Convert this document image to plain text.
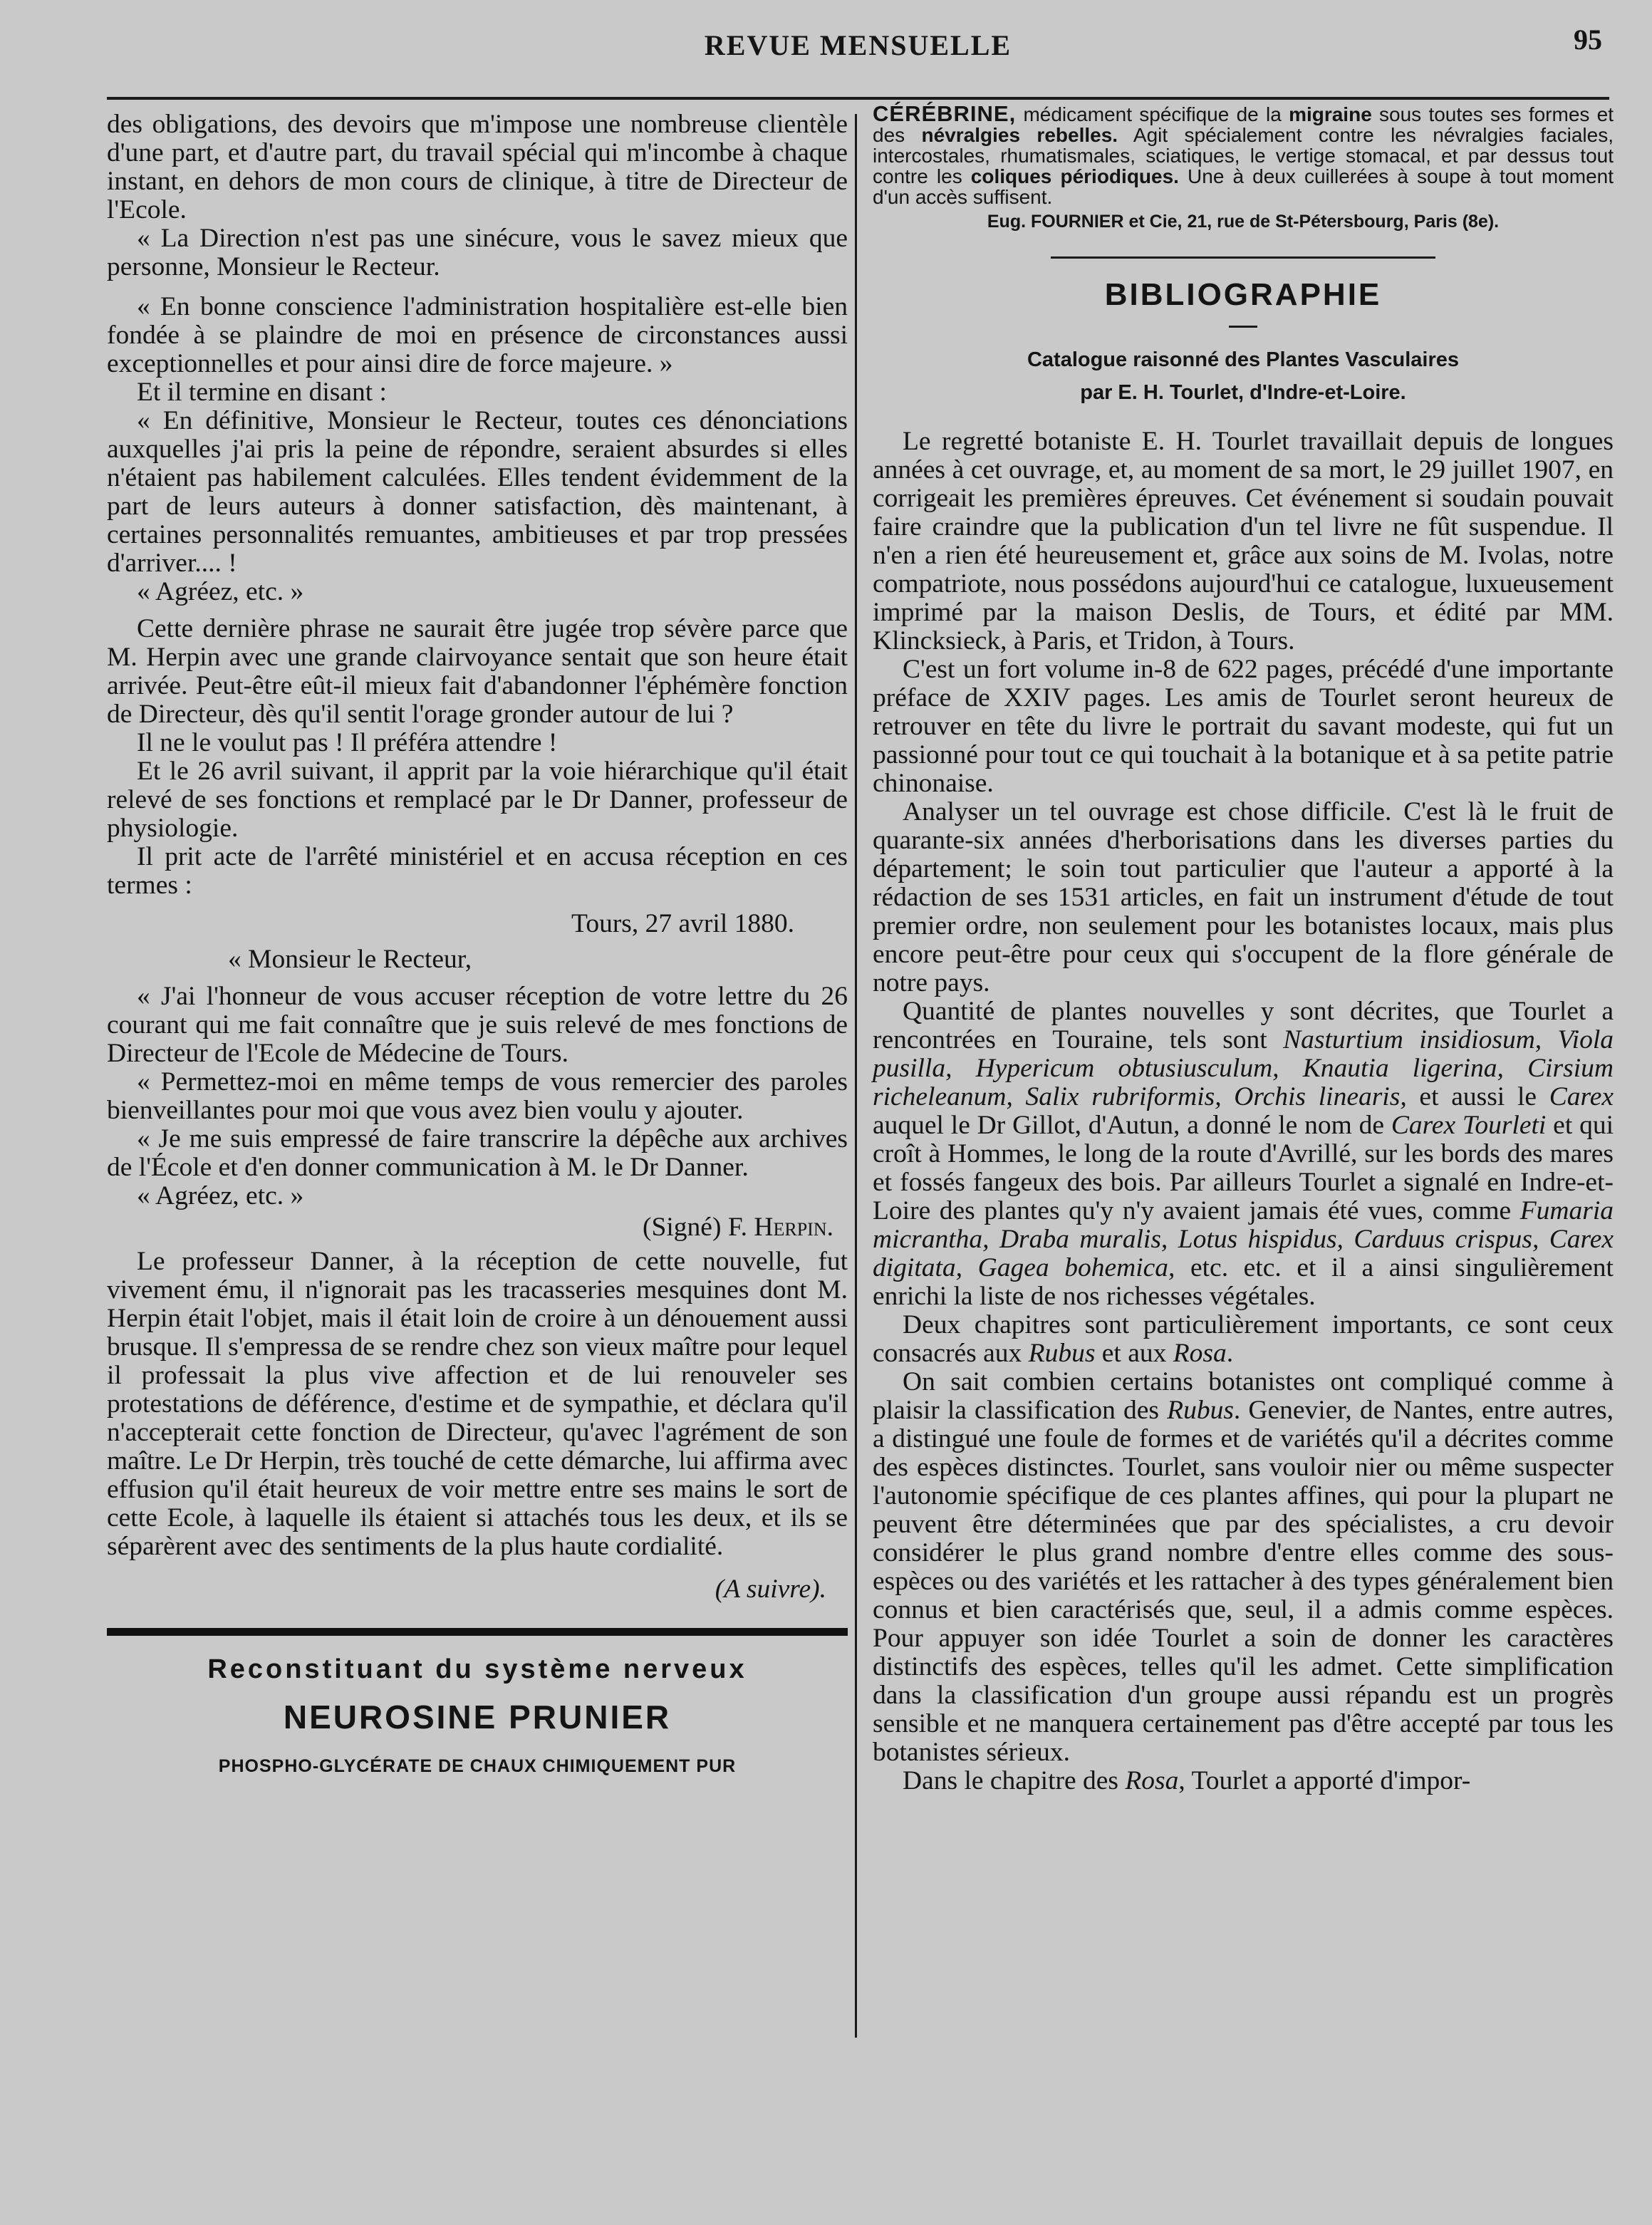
REVUE MENSUELLE	95

des obligations, des devoirs que m'impose une nombreuse clientèle d'une part, et d'autre part, du travail spécial qui m'incombe à chaque instant, en dehors de mon cours de clinique, à titre de Directeur de l'Ecole.

« La Direction n'est pas une sinécure, vous le savez mieux que personne, Monsieur le Recteur.

« En bonne conscience l'administration hospitalière est-elle bien fondée à se plaindre de moi en présence de circonstances aussi exceptionnelles et pour ainsi dire de force majeure. »

Et il termine en disant :

« En définitive, Monsieur le Recteur, toutes ces dénonciations auxquelles j'ai pris la peine de répondre, seraient absurdes si elles n'étaient pas habilement calculées. Elles tendent évidemment de la part de leurs auteurs à donner satisfaction, dès maintenant, à certaines personnalités remuantes, ambitieuses et par trop pressées d'arriver.... !

« Agréez, etc. »

Cette dernière phrase ne saurait être jugée trop sévère parce que M. Herpin avec une grande clairvoyance sentait que son heure était arrivée. Peut-être eût-il mieux fait d'abandonner l'éphémère fonction de Directeur, dès qu'il sentit l'orage gronder autour de lui ?

Il ne le voulut pas ! Il préféra attendre !

Et le 26 avril suivant, il apprit par la voie hiérarchique qu'il était relevé de ses fonctions et remplacé par le Dr Danner, professeur de physiologie.

Il prit acte de l'arrêté ministériel et en accusa réception en ces termes :

Tours, 27 avril 1880.

« Monsieur le Recteur,

« J'ai l'honneur de vous accuser réception de votre lettre du 26 courant qui me fait connaître que je suis relevé de mes fonctions de Directeur de l'Ecole de Médecine de Tours.

« Permettez-moi en même temps de vous remercier des paroles bienveillantes pour moi que vous avez bien voulu y ajouter.

« Je me suis empressé de faire transcrire la dépêche aux archives de l'École et d'en donner communication à M. le Dr Danner.

« Agréez, etc. »

(Signé) F. Herpin.

Le professeur Danner, à la réception de cette nouvelle, fut vivement ému, il n'ignorait pas les tracasseries mesquines dont M. Herpin était l'objet, mais il était loin de croire à un dénouement aussi brusque. Il s'empressa de se rendre chez son vieux maître pour lequel il professait la plus vive affection et de lui renouveler ses protestations de déférence, d'estime et de sympathie, et déclara qu'il n'accepterait cette fonction de Directeur, qu'avec l'agrément de son maître. Le Dr Herpin, très touché de cette démarche, lui affirma avec effusion qu'il était heureux de voir mettre entre ses mains le sort de cette Ecole, à laquelle ils étaient si attachés tous les deux, et ils se séparèrent avec des sentiments de la plus haute cordialité.

(A suivre).

Reconstituant du système nerveux
NEUROSINE PRUNIER
PHOSPHO-GLYCÉRATE DE CHAUX CHIMIQUEMENT PUR

CÉRÉBRINE, médicament spécifique de la migraine sous toutes ses formes et des névralgies rebelles. Agit spécialement contre les névralgies faciales, intercostales, rhumatismales, sciatiques, le vertige stomacal, et par dessus tout contre les coliques périodiques. Une à deux cuillerées à soupe à tout moment d'un accès suffisent.

Eug. FOURNIER et Cie, 21, rue de St-Pétersbourg, Paris (8e).

BIBLIOGRAPHIE
Catalogue raisonné des Plantes Vasculaires
par E. H. Tourlet, d'Indre-et-Loire.

Le regretté botaniste E. H. Tourlet travaillait depuis de longues années à cet ouvrage, et, au moment de sa mort, le 29 juillet 1907, en corrigeait les premières épreuves. Cet événement si soudain pouvait faire craindre que la publication d'un tel livre ne fût suspendue. Il n'en a rien été heureusement et, grâce aux soins de M. Ivolas, notre compatriote, nous possédons aujourd'hui ce catalogue, luxueusement imprimé par la maison Deslis, de Tours, et édité par MM. Klincksieck, à Paris, et Tridon, à Tours.

C'est un fort volume in-8 de 622 pages, précédé d'une importante préface de XXIV pages. Les amis de Tourlet seront heureux de retrouver en tête du livre le portrait du savant modeste, qui fut un passionné pour tout ce qui touchait à la botanique et à sa petite patrie chinonaise.

Analyser un tel ouvrage est chose difficile. C'est là le fruit de quarante-six années d'herborisations dans les diverses parties du département; le soin tout particulier que l'auteur a apporté à la rédaction de ses 1531 articles, en fait un instrument d'étude de tout premier ordre, non seulement pour les botanistes locaux, mais plus encore peut-être pour ceux qui s'occupent de la flore générale de notre pays.

Quantité de plantes nouvelles y sont décrites, que Tourlet a rencontrées en Touraine, tels sont Nasturtium insidiosum, Viola pusilla, Hypericum obtusiusculum, Knautia ligerina, Cirsium richeleanum, Salix rubriformis, Orchis linearis, et aussi le Carex auquel le Dr Gillot, d'Autun, a donné le nom de Carex Tourleti et qui croît à Hommes, le long de la route d'Avrillé, sur les bords des mares et fossés fangeux des bois. Par ailleurs Tourlet a signalé en Indre-et-Loire des plantes qu'y n'y avaient jamais été vues, comme Fumaria micrantha, Draba muralis, Lotus hispidus, Carduus crispus, Carex digitata, Gagea bohemica, etc. etc. et il a ainsi singulièrement enrichi la liste de nos richesses végétales.

Deux chapitres sont particulièrement importants, ce sont ceux consacrés aux Rubus et aux Rosa.

On sait combien certains botanistes ont compliqué comme à plaisir la classification des Rubus. Genevier, de Nantes, entre autres, a distingué une foule de formes et de variétés qu'il a décrites comme des espèces distinctes. Tourlet, sans vouloir nier ou même suspecter l'autonomie spécifique de ces plantes affines, qui pour la plupart ne peuvent être déterminées que par des spécialistes, a cru devoir considérer le plus grand nombre d'entre elles comme des sous-espèces ou des variétés et les rattacher à des types généralement bien connus et bien caractérisés que, seul, il a admis comme espèces. Pour appuyer son idée Tourlet a soin de donner les caractères distinctifs des espèces, telles qu'il les admet. Cette simplification dans la classification d'un groupe aussi répandu est un progrès sensible et ne manquera certainement pas d'être accepté par tous les botanistes sérieux.

Dans le chapitre des Rosa, Tourlet a apporté d'impor-
